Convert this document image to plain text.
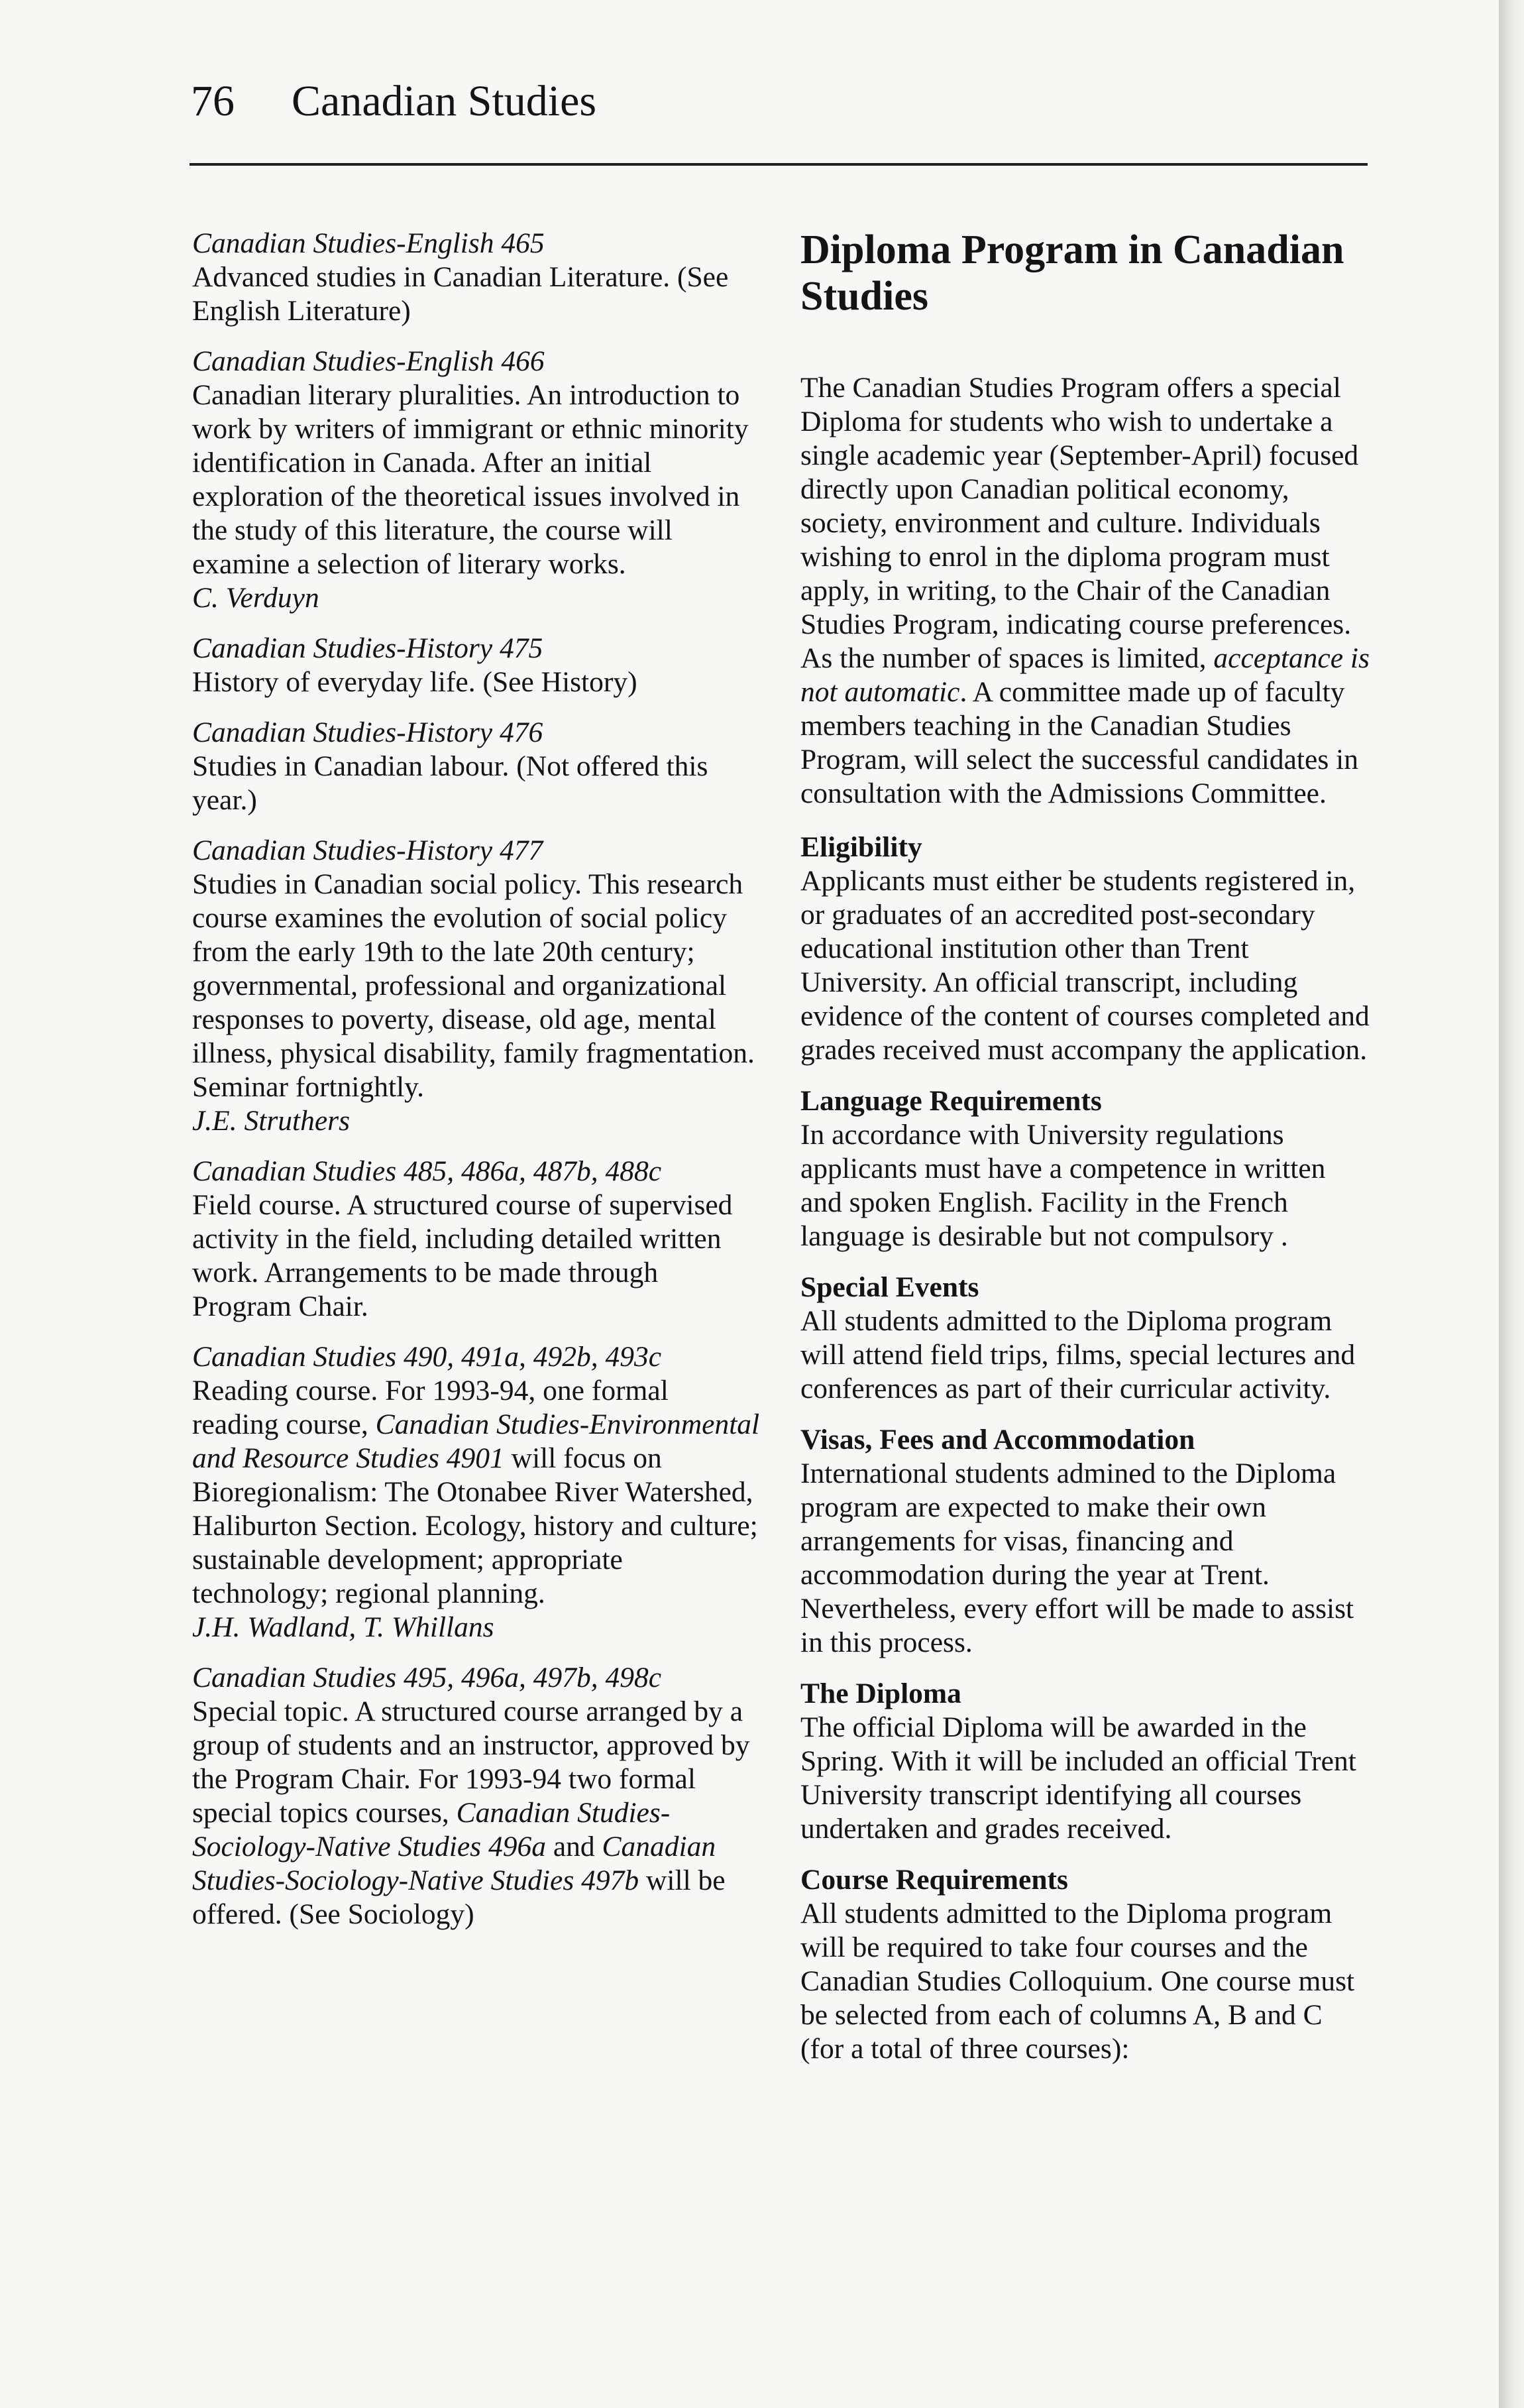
76 Canadian Studies
Canadian Studies-English 465
Advanced studies in Canadian Literature. (See English Literature)
Canadian Studies-English 466
Canadian literary pluralities. An introduction to work by writers of immigrant or ethnic minority identification in Canada. After an initial exploration of the theoretical issues involved in the study of this literature, the course will examine a selection of literary works.
C. Verduyn
Canadian Studies-History 475
History of everyday life. (See History)
Canadian Studies-History 476
Studies in Canadian labour. (Not offered this year.)
Canadian Studies-History 477
Studies in Canadian social policy. This research course examines the evolution of social policy from the early 19th to the late 20th century; governmental, professional and organizational responses to poverty, disease, old age, mental illness, physical disability, family fragmentation. Seminar fortnightly.
J.E. Struthers
Canadian Studies 485, 486a, 487b, 488c
Field course. A structured course of supervised activity in the field, including detailed written work. Arrangements to be made through Program Chair.
Canadian Studies 490, 491a, 492b, 493c
Reading course. For 1993-94, one formal reading course, Canadian Studies-Environmental and Resource Studies 4901 will focus on Bioregionalism: The Otonabee River Watershed, Haliburton Section. Ecology, history and culture; sustainable development; appropriate technology; regional planning.
J.H. Wadland, T. Whillans
Canadian Studies 495, 496a, 497b, 498c
Special topic. A structured course arranged by a group of students and an instructor, approved by the Program Chair. For 1993-94 two formal special topics courses, Canadian Studies-Sociology-Native Studies 496a and Canadian Studies-Sociology-Native Studies 497b will be offered. (See Sociology)
Diploma Program in Canadian Studies
The Canadian Studies Program offers a special Diploma for students who wish to undertake a single academic year (September-April) focused directly upon Canadian political economy, society, environment and culture. Individuals wishing to enrol in the diploma program must apply, in writing, to the Chair of the Canadian Studies Program, indicating course preferences. As the number of spaces is limited, acceptance is not automatic. A committee made up of faculty members teaching in the Canadian Studies Program, will select the successful candidates in consultation with the Admissions Committee.
Eligibility
Applicants must either be students registered in, or graduates of an accredited post-secondary educational institution other than Trent University. An official transcript, including evidence of the content of courses completed and grades received must accompany the application.
Language Requirements
In accordance with University regulations applicants must have a competence in written and spoken English. Facility in the French language is desirable but not compulsory .
Special Events
All students admitted to the Diploma program will attend field trips, films, special lectures and conferences as part of their curricular activity.
Visas, Fees and Accommodation
International students admined to the Diploma program are expected to make their own arrangements for visas, financing and accommodation during the year at Trent. Nevertheless, every effort will be made to assist in this process.
The Diploma
The official Diploma will be awarded in the Spring. With it will be included an official Trent University transcript identifying all courses undertaken and grades received.
Course Requirements
All students admitted to the Diploma program will be required to take four courses and the Canadian Studies Colloquium. One course must be selected from each of columns A, B and C (for a total of three courses):
